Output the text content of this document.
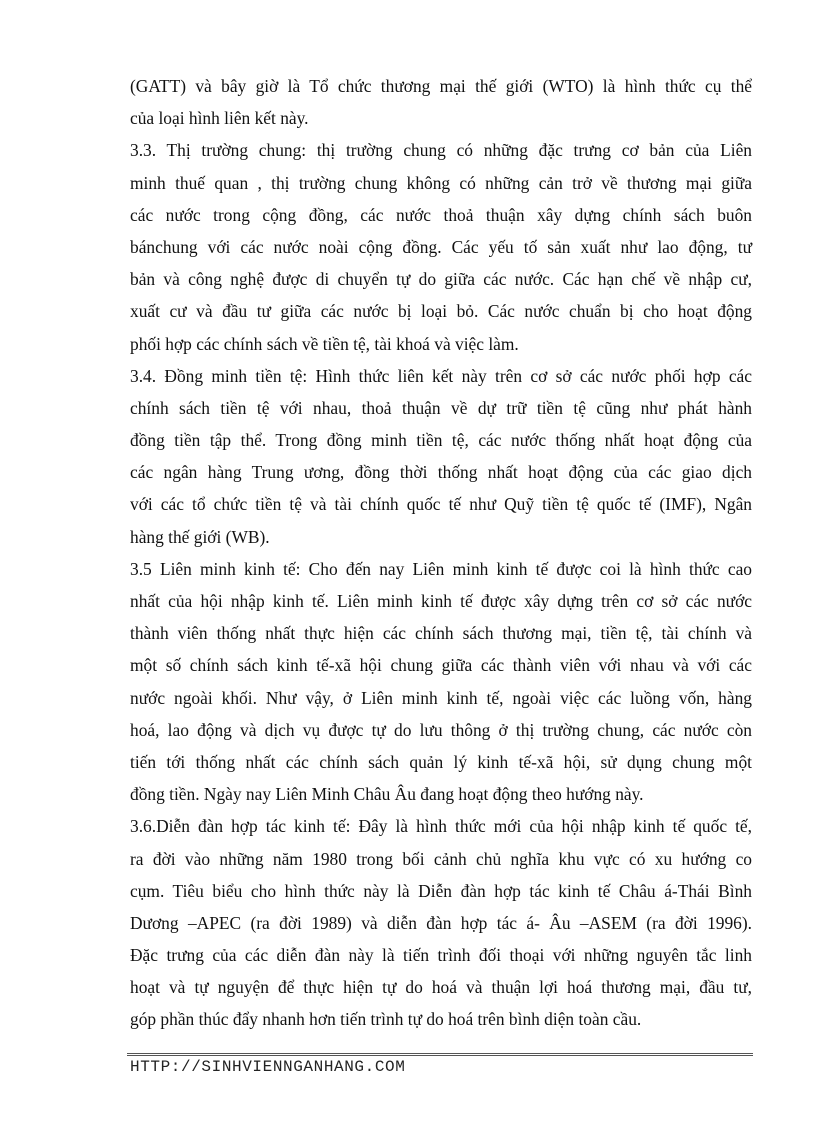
(GATT) và bây giờ là Tổ chức thương mại thế giới (WTO) là hình thức cụ thể
của loại hình liên kết này.
3.3. Thị trường chung: thị trường chung có những đặc trưng cơ bản của Liên
minh thuế quan , thị trường chung không có những cản trở về thương mại giữa
các nước trong cộng đồng, các nước thoả thuận xây dựng chính sách buôn
bánchung với các nước noài cộng đồng. Các yếu tố sản xuất như lao động, tư
bản và công nghệ được di chuyển tự do giữa các nước. Các hạn chế về nhập cư,
xuất cư và đầu tư giữa các nước bị loại bỏ. Các nước chuẩn bị cho hoạt động
phối hợp các chính sách về tiền tệ, tài khoá và việc làm.
3.4. Đồng minh tiền tệ: Hình thức liên kết này trên cơ sở các nước phối hợp các
chính sách tiền tệ với nhau, thoả thuận về dự trữ tiền tệ cũng như phát hành
đồng tiền tập thể. Trong đồng minh tiền tệ, các nước thống nhất hoạt động của
các ngân hàng Trung ương, đồng thời thống nhất hoạt động của các giao dịch
với các tổ chức tiền tệ và tài chính quốc tế như Quỹ tiền tệ quốc tế (IMF), Ngân
hàng thế giới (WB).
3.5 Liên minh kinh tế: Cho đến nay Liên minh kinh tế được coi là hình thức cao
nhất của hội nhập kinh tế. Liên minh kinh tế được xây dựng trên cơ sở các nước
thành viên thống nhất thực hiện các chính sách thương mại, tiền tệ, tài chính và
một số chính sách kinh tế-xã hội chung giữa các thành viên với nhau và với các
nước ngoài khối. Như vậy, ở Liên minh kinh tế, ngoài việc các luồng vốn, hàng
hoá, lao động và dịch vụ được tự do lưu thông ở thị trường chung, các nước còn
tiến tới thống nhất các chính sách quản lý kinh tế-xã hội, sử dụng chung một
đồng tiền. Ngày nay Liên Minh Châu Âu đang hoạt động theo hướng này.
3.6.Diễn đàn hợp tác kinh tế: Đây là hình thức mới của hội nhập kinh tế quốc tế,
ra đời vào những năm 1980 trong bối cảnh chủ nghĩa khu vực có xu hướng co
cụm. Tiêu biểu cho hình thức này là Diễn đàn hợp tác kinh tế Châu á-Thái Bình
Dương –APEC (ra đời 1989) và diễn đàn hợp tác á- Âu –ASEM (ra đời 1996).
Đặc trưng của các diễn đàn này là tiến trình đối thoại với những nguyên tắc linh
hoạt và tự nguyện để thực hiện tự do hoá và thuận lợi hoá thương mại, đầu tư,
góp phần thúc đẩy nhanh hơn tiến trình tự do hoá trên bình diện toàn cầu.
HTTP://SINHVIENNGANHANG.COM
